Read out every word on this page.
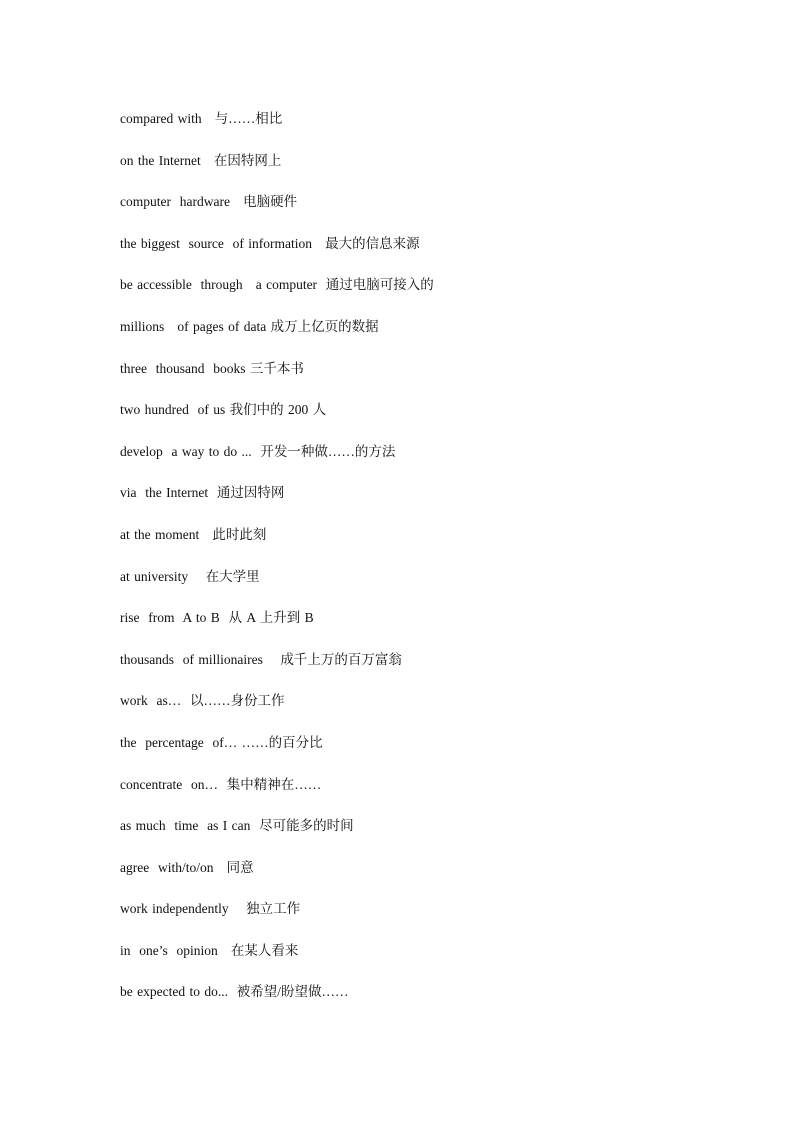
compared with   与……相比
on the Internet   在因特网上
computer  hardware   电脑硬件
the biggest  source  of information   最大的信息来源
be accessible  through   a computer  通过电脑可接入的
millions   of pages of data 成万上亿页的数据
three  thousand  books 三千本书
two hundred  of us 我们中的 200 人
develop  a way to do ...  开发一种做……的方法
via  the Internet  通过因特网
at the moment   此时此刻
at university    在大学里
rise  from  A to B  从 A 上升到 B
thousands  of millionaires    成千上万的百万富翁
work  as…  以……身份工作
the  percentage  of… ……的百分比
concentrate  on…  集中精神在……
as much  time  as I can  尽可能多的时间
agree  with/to/on   同意
work independently    独立工作
in  one’s  opinion   在某人看来
be expected to do...  被希望/盼望做……
